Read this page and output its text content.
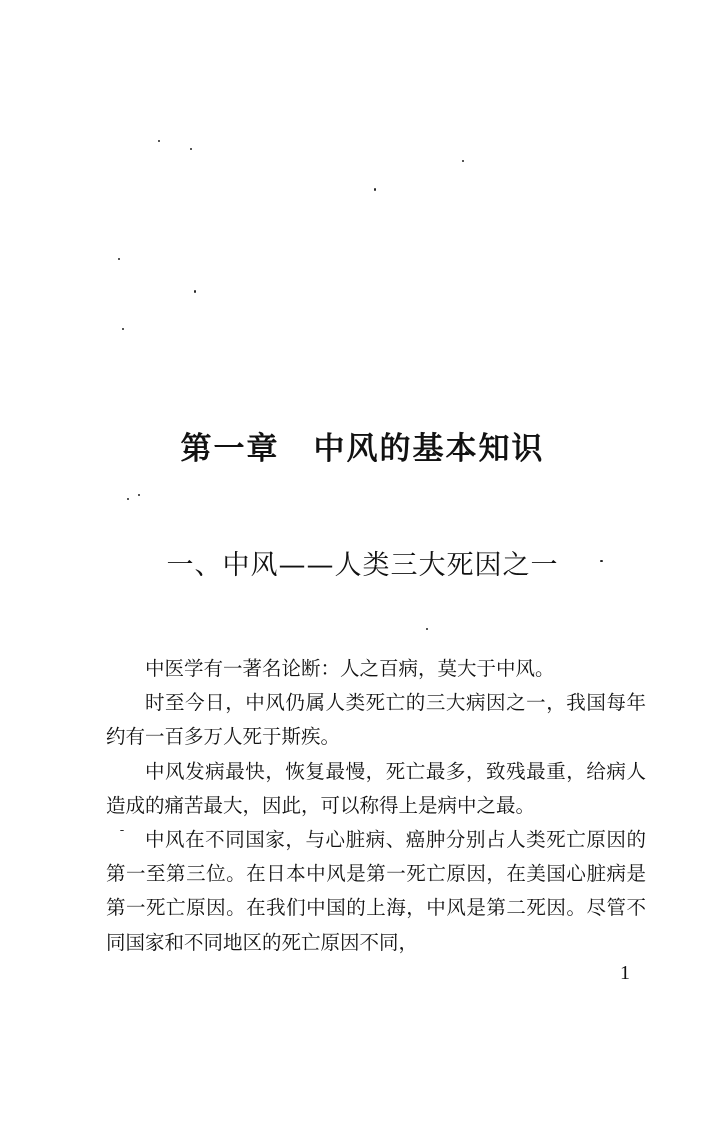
第一章 中风的基本知识
一、中风——人类三大死因之一

中医学有一著名论断：人之百病，莫大于中风。

时至今日，中风仍属人类死亡的三大病因之一，我国每年约有一百多万人死于斯疾。

中风发病最快，恢复最慢，死亡最多，致残最重，给病人造成的痛苦最大，因此，可以称得上是病中之最。

中风在不同国家，与心脏病、癌肿分别占人类死亡原因的第一至第三位。在日本中风是第一死亡原因，在美国心脏病是第一死亡原因。在我们中国的上海，中风是第二死因。尽管不同国家和不同地区的死亡原因不同，

1
